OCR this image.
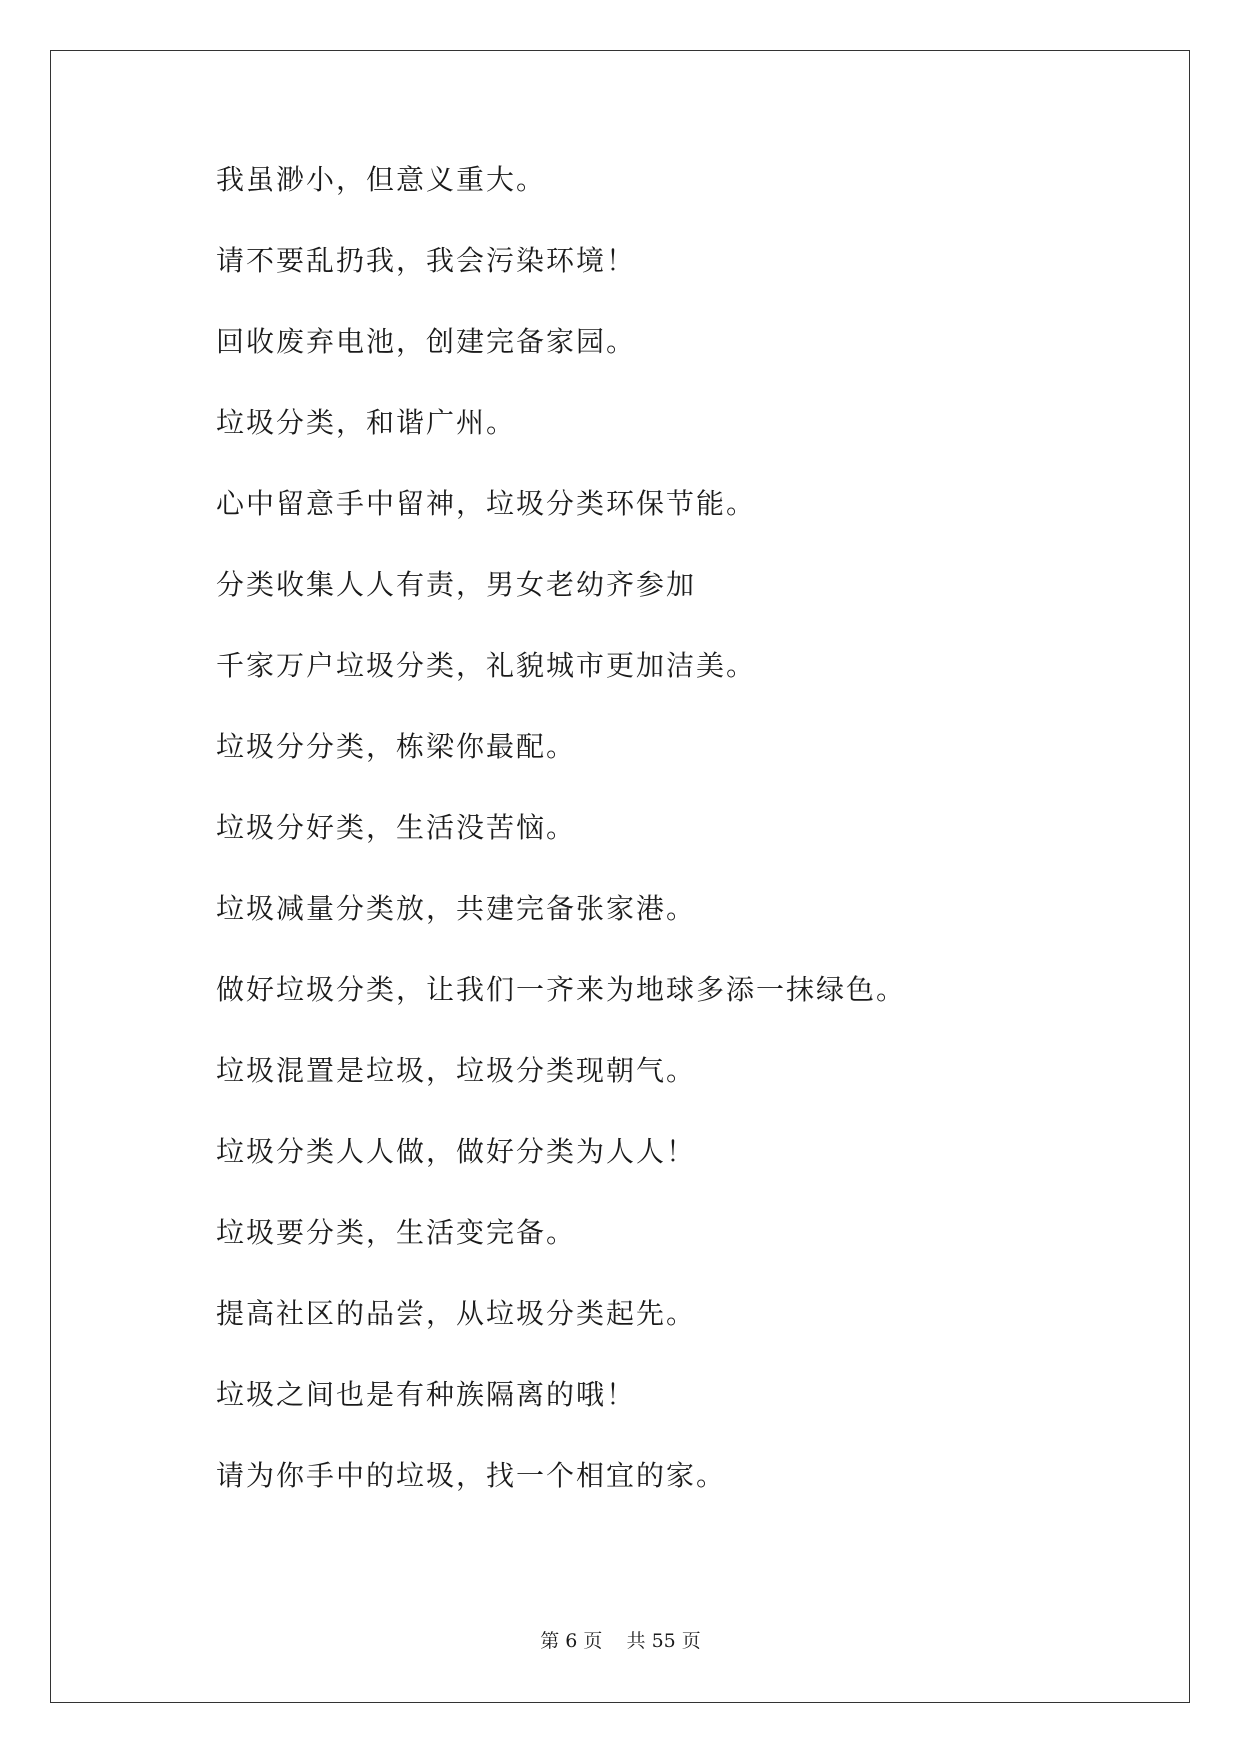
我虽渺小，但意义重大。

请不要乱扔我，我会污染环境！

回收废弃电池，创建完备家园。

垃圾分类，和谐广州。

心中留意手中留神，垃圾分类环保节能。

分类收集人人有责，男女老幼齐参加

千家万户垃圾分类，礼貌城市更加洁美。

垃圾分分类，栋梁你最配。

垃圾分好类，生活没苦恼。

垃圾减量分类放，共建完备张家港。

做好垃圾分类，让我们一齐来为地球多添一抹绿色。

垃圾混置是垃圾，垃圾分类现朝气。

垃圾分类人人做，做好分类为人人！

垃圾要分类，生活变完备。

提高社区的品尝，从垃圾分类起先。

垃圾之间也是有种族隔离的哦！

请为你手中的垃圾，找一个相宜的家。

第 6 页    共 55 页
